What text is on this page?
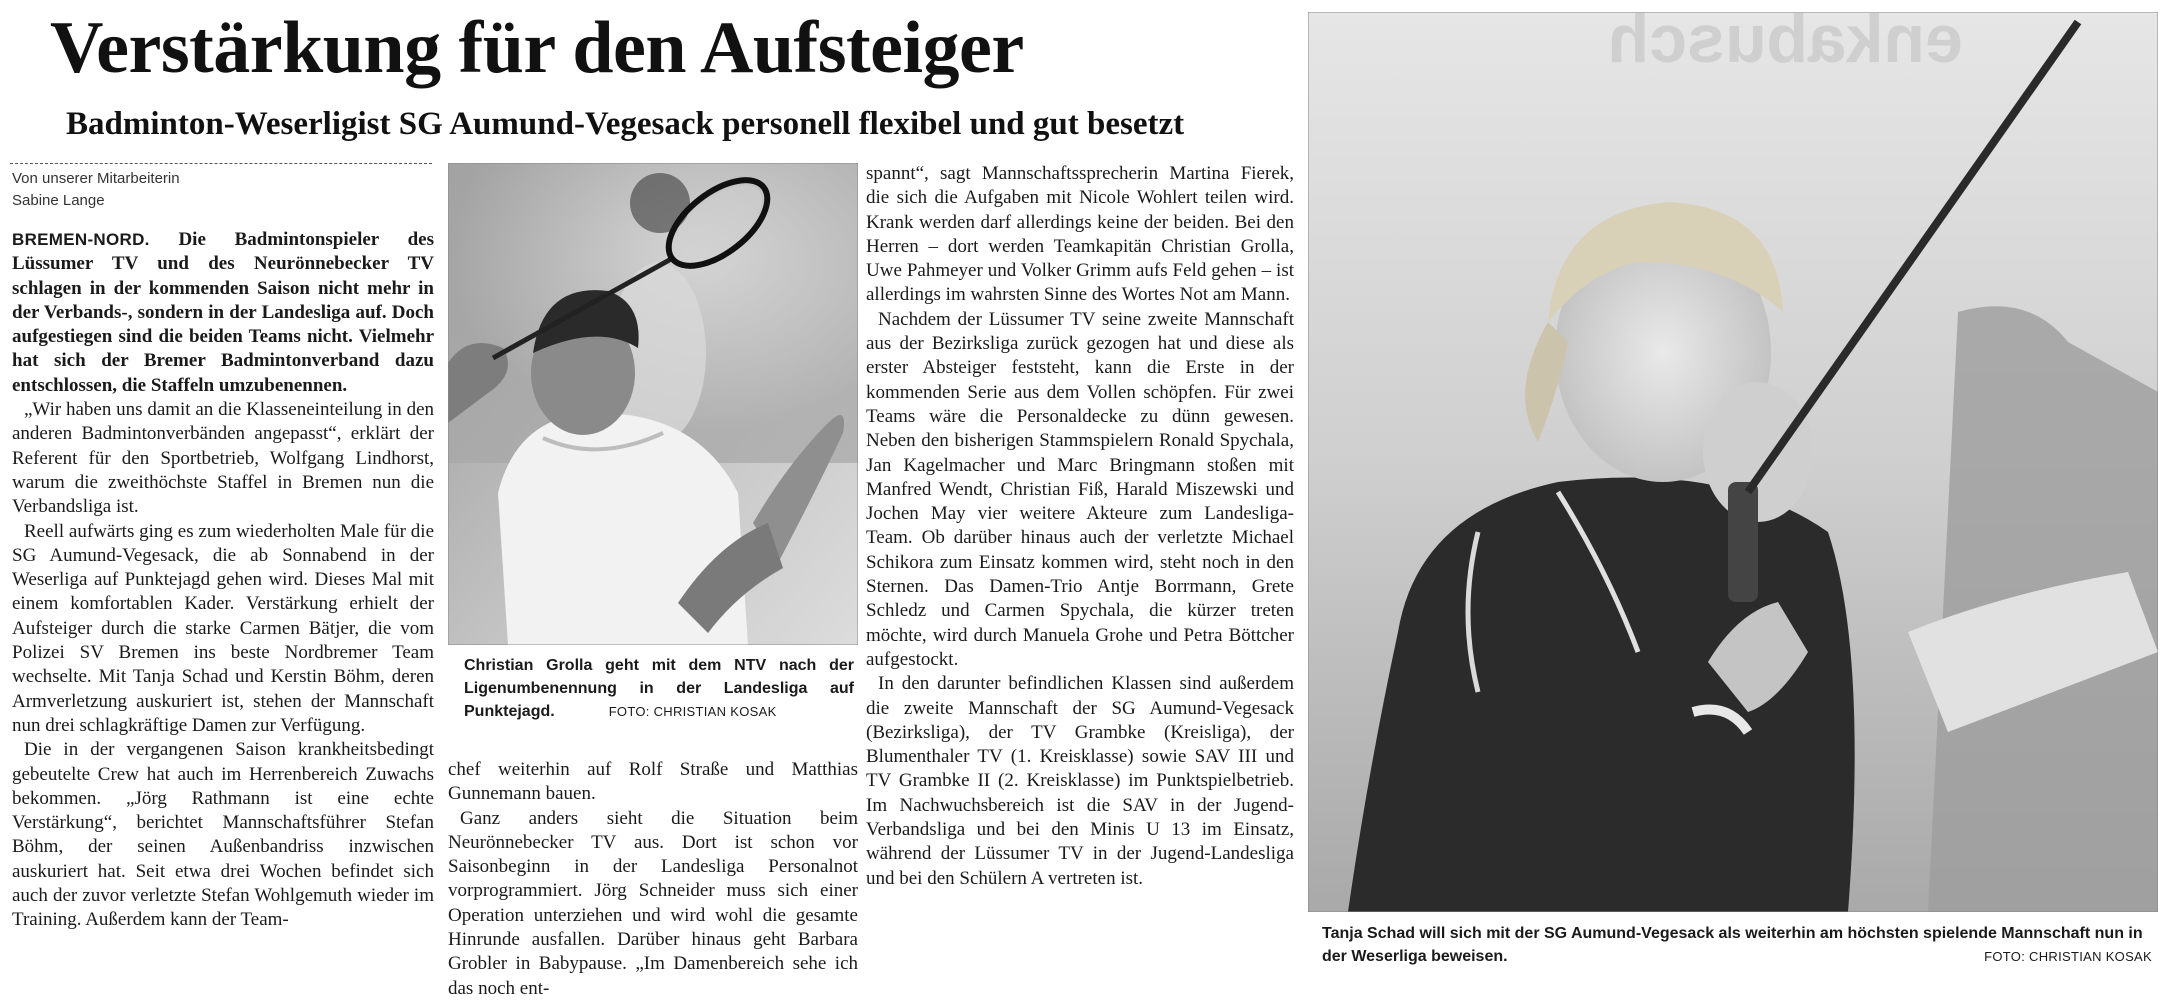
Verstärkung für den Aufsteiger
Badminton-Weserligist SG Aumund-Vegesack personell flexibel und gut besetzt
Von unserer Mitarbeiterin
Sabine Lange

BREMEN-NORD. Die Badmintonspieler des Lüssumer TV und des Neurönnebecker TV schlagen in der kommenden Saison nicht mehr in der Verbands-, sondern in der Landesliga auf. Doch aufgestiegen sind die beiden Teams nicht. Vielmehr hat sich der Bremer Badmintonverband dazu entschlossen, die Staffeln umzubenennen.

„Wir haben uns damit an die Klasseneinteilung in den anderen Badmintonverbänden angepasst“, erklärt der Referent für den Sportbetrieb, Wolfgang Lindhorst, warum die zweithöchste Staffel in Bremen nun die Verbandsliga ist.

Reell aufwärts ging es zum wiederholten Male für die SG Aumund-Vegesack, die ab Sonnabend in der Weserliga auf Punktejagd gehen wird. Dieses Mal mit einem komfortablen Kader. Verstärkung erhielt der Aufsteiger durch die starke Carmen Bätjer, die vom Polizei SV Bremen ins beste Nordbremer Team wechselte. Mit Tanja Schad und Kerstin Böhm, deren Armverletzung auskuriert ist, stehen der Mannschaft nun drei schlagkräftige Damen zur Verfügung.

Die in der vergangenen Saison krankheitsbedingt gebeutelte Crew hat auch im Herrenbereich Zuwachs bekommen. „Jörg Rathmann ist eine echte Verstärkung“, berichtet Mannschaftsführer Stefan Böhm, der seinen Außenbandriss inzwischen auskuriert hat. Seit etwa drei Wochen befindet sich auch der zuvor verletzte Stefan Wohlgemuth wieder im Training. Außerdem kann der Team-

Christian Grolla geht mit dem NTV nach der Ligenumbenennung in der Landesliga auf Punktejagd.	FOTO: CHRISTIAN KOSAK

chef weiterhin auf Rolf Straße und Matthias Gunnemann bauen.

Ganz anders sieht die Situation beim Neurönnebecker TV aus. Dort ist schon vor Saisonbeginn in der Landesliga Personalnot vorprogrammiert. Jörg Schneider muss sich einer Operation unterziehen und wird wohl die gesamte Hinrunde ausfallen. Darüber hinaus geht Barbara Grobler in Babypause. „Im Damenbereich sehe ich das noch ent-

spannt“, sagt Mannschaftssprecherin Martina Fierek, die sich die Aufgaben mit Nicole Wohlert teilen wird. Krank werden darf allerdings keine der beiden. Bei den Herren – dort werden Teamkapitän Christian Grolla, Uwe Pahmeyer und Volker Grimm aufs Feld gehen – ist allerdings im wahrsten Sinne des Wortes Not am Mann.

Nachdem der Lüssumer TV seine zweite Mannschaft aus der Bezirksliga zurück gezogen hat und diese als erster Absteiger feststeht, kann die Erste in der kommenden Serie aus dem Vollen schöpfen. Für zwei Teams wäre die Personaldecke zu dünn gewesen. Neben den bisherigen Stammspielern Ronald Spychala, Jan Kagelmacher und Marc Bringmann stoßen mit Manfred Wendt, Christian Fiß, Harald Miszewski und Jochen May vier weitere Akteure zum Landesliga-Team. Ob darüber hinaus auch der verletzte Michael Schikora zum Einsatz kommen wird, steht noch in den Sternen. Das Damen-Trio Antje Borrmann, Grete Schledz und Carmen Spychala, die kürzer treten möchte, wird durch Manuela Grohe und Petra Böttcher aufgestockt.

In den darunter befindlichen Klassen sind außerdem die zweite Mannschaft der SG Aumund-Vegesack (Bezirksliga), der TV Grambke (Kreisliga), der Blumenthaler TV (1. Kreisklasse) sowie SAV III und TV Grambke II (2. Kreisklasse) im Punktspielbetrieb. Im Nachwuchsbereich ist die SAV in der Jugend-Verbandsliga und bei den Minis U 13 im Einsatz, während der Lüssumer TV in der Jugend-Landesliga und bei den Schülern A vertreten ist.

enkabusch
Tanja Schad will sich mit der SG Aumund-Vegesack als weiterhin am höchsten spielende Mannschaft nun in der Weserliga beweisen.	FOTO: CHRISTIAN KOSAK
